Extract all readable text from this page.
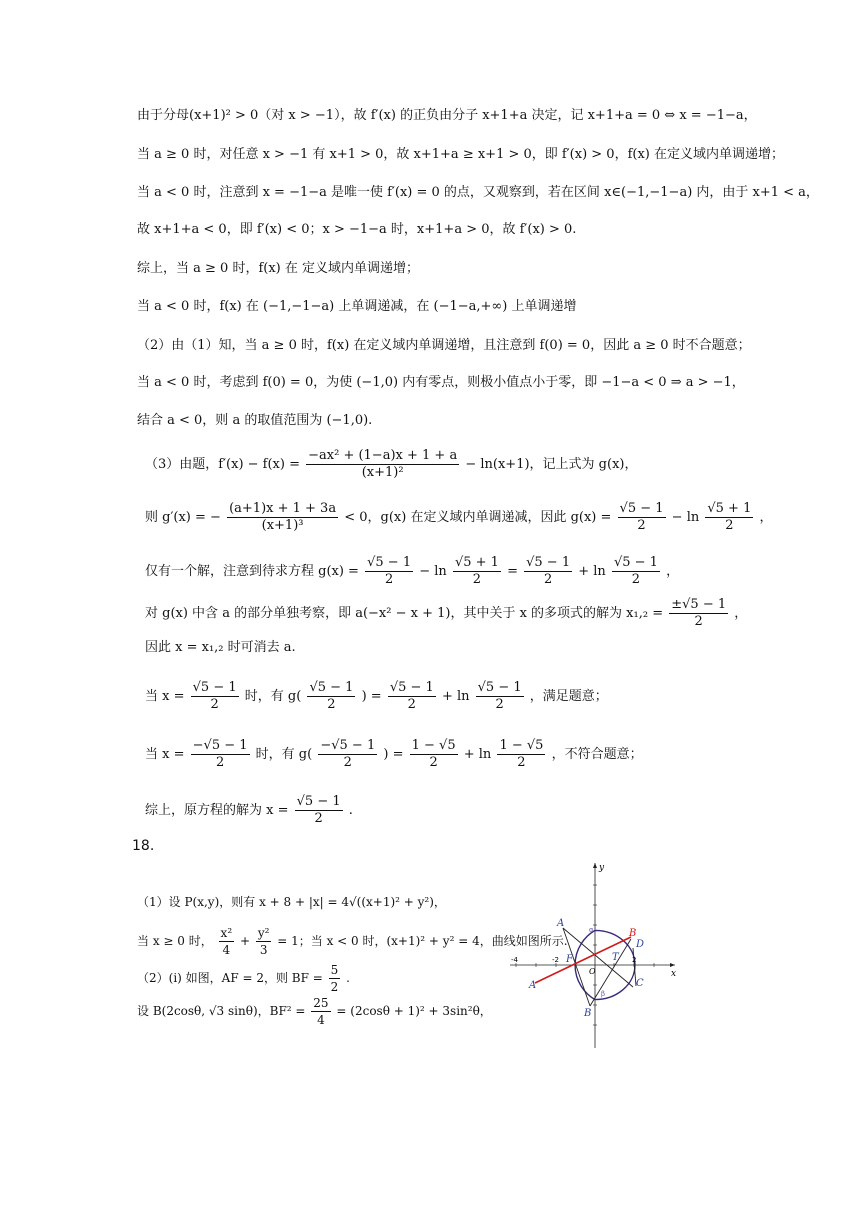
由于分母(x+1)² > 0（对 x > −1），故 f′(x) 的正负由分子 x+1+a 决定，记 x+1+a = 0 ⇔ x = −1−a，
当 a ≥ 0 时，对任意 x > −1 有 x+1 > 0，故 x+1+a ≥ x+1 > 0，即 f′(x) > 0，f(x) 在定义域内单调递增；
当 a < 0 时，注意到 x = −1−a 是唯一使 f′(x) = 0 的点，又观察到，若在区间 x∈(−1,−1−a) 内，由于 x+1 < a，
故 x+1+a < 0，即 f′(x) < 0；x > −1−a 时，x+1+a > 0，故 f′(x) > 0.
综上，当 a ≥ 0 时，f(x) 在 定义域内单调递增；
当 a < 0 时，f(x) 在 (−1,−1−a) 上单调递减，在 (−1−a,+∞) 上单调递增
（2）由（1）知，当 a ≥ 0 时，f(x) 在定义域内单调递增，且注意到 f(0) = 0，因此 a ≥ 0 时不合题意；
当 a < 0 时，考虑到 f(0) = 0，为使 (−1,0) 内有零点，则极小值点小于零，即 −1−a < 0 ⇒ a > −1，
结合 a < 0，则 a 的取值范围为 (−1,0).
（3）由题，$f'(x) - f(x) = \frac{\text{−ax² + (1−a)x + 1 + a}}{\text{(x+1)²}} - \ln(x+1)$，记上式为 g(x)，
则 g′(x) = − $\frac{(a+1)x + 1 + 3a}{\text{(x+1)³}} < 0$，g(x) 在定义域内单调递减，因此 $g(x) = \frac{√5 - 1}{2} - \ln \frac{√5 + 1}{2}$ ，
仅有一个解，注意到待求方程 $g(x) = \frac{√5 - 1}{2} - \ln \frac{√5 + 1}{2} = \frac{√5 - 1}{2} + \ln \frac{√5 - 1}{2}$ ，
对 g(x) 中含 a 的部分单独考察，即 a(−x² − x + 1)，其中关于 x 的多项式的解为 $x_1,_2 = \frac{\pm√5 - 1}{2}$ ，
因此 x = x₁,₂ 时可消去 a.
当 $x = \frac{√5 - 1}{2}$ 时，有 $g( \frac{√5 - 1}{2}$ ) = $\frac{√5 - 1}{2} + \ln \frac{√5 - 1}{2}$ ，满足题意；
当 $x = \frac{-√5 - 1}{2}$ 时，有 $g( \frac{-√5 - 1}{2}$ ) = $\frac{1 - √5}{2} + \ln \frac{1 - √5}{2}$ ，不符合题意；
综上，原方程的解为 $x = \frac{√5 - 1}{2}$ .
18.
（1）设 P(x,y)，则有 x + 8 + |x| = 4√((x+1)² + y²)，
当 x ≥ 0 时， $\frac{\text{x²}}{4} + \frac{\text{y²}}{3} = 1$；当 x < 0 时，(x+1)² + y² = 4，曲线如图所示.
（2）(i) 如图，AF = 2，则 BF = $\frac{5}{2}$ .
设 B(2cosθ, √3 sinθ)，$BF^2 = \frac{25}{4} = (2\cos\theta + 1)^2 + 3\sin^2\theta$，
y
x
-4	-2	2
O
F	T
A
A
B
B
C
D
α
β
